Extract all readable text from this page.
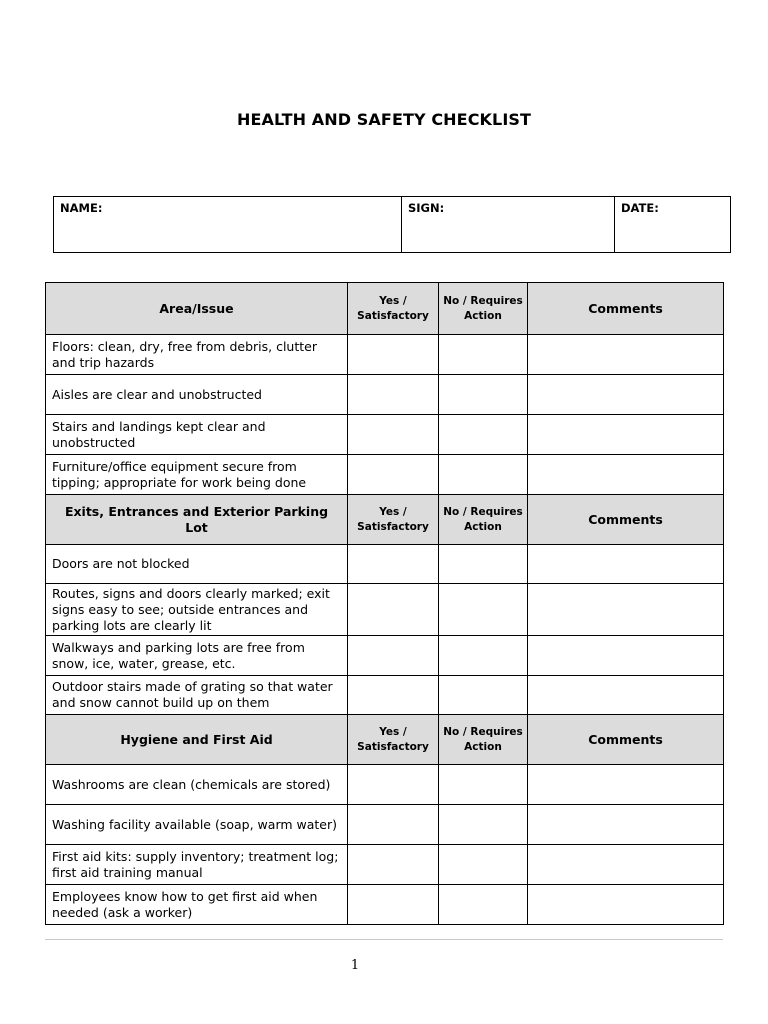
HEALTH AND SAFETY CHECKLIST
NAME:	SIGN:	DATE:
Area/Issue	Yes / Satisfactory	No / Requires Action	Comments
Floors: clean, dry, free from debris, clutter and trip hazards			
Aisles are clear and unobstructed			
Stairs and landings kept clear and unobstructed			
Furniture/office equipment secure from tipping; appropriate for work being done			
Exits, Entrances and Exterior Parking Lot	Yes / Satisfactory	No / Requires Action	Comments
Doors are not blocked			
Routes, signs and doors clearly marked; exit signs easy to see; outside entrances and parking lots are clearly lit			
Walkways and parking lots are free from snow, ice, water, grease, etc.			
Outdoor stairs made of grating so that water and snow cannot build up on them			
Hygiene and First Aid	Yes / Satisfactory	No / Requires Action	Comments
Washrooms are clean (chemicals are stored)			
Washing facility available (soap, warm water)			
First aid kits: supply inventory; treatment log; first aid training manual			
Employees know how to get first aid when needed (ask a worker)			
1
